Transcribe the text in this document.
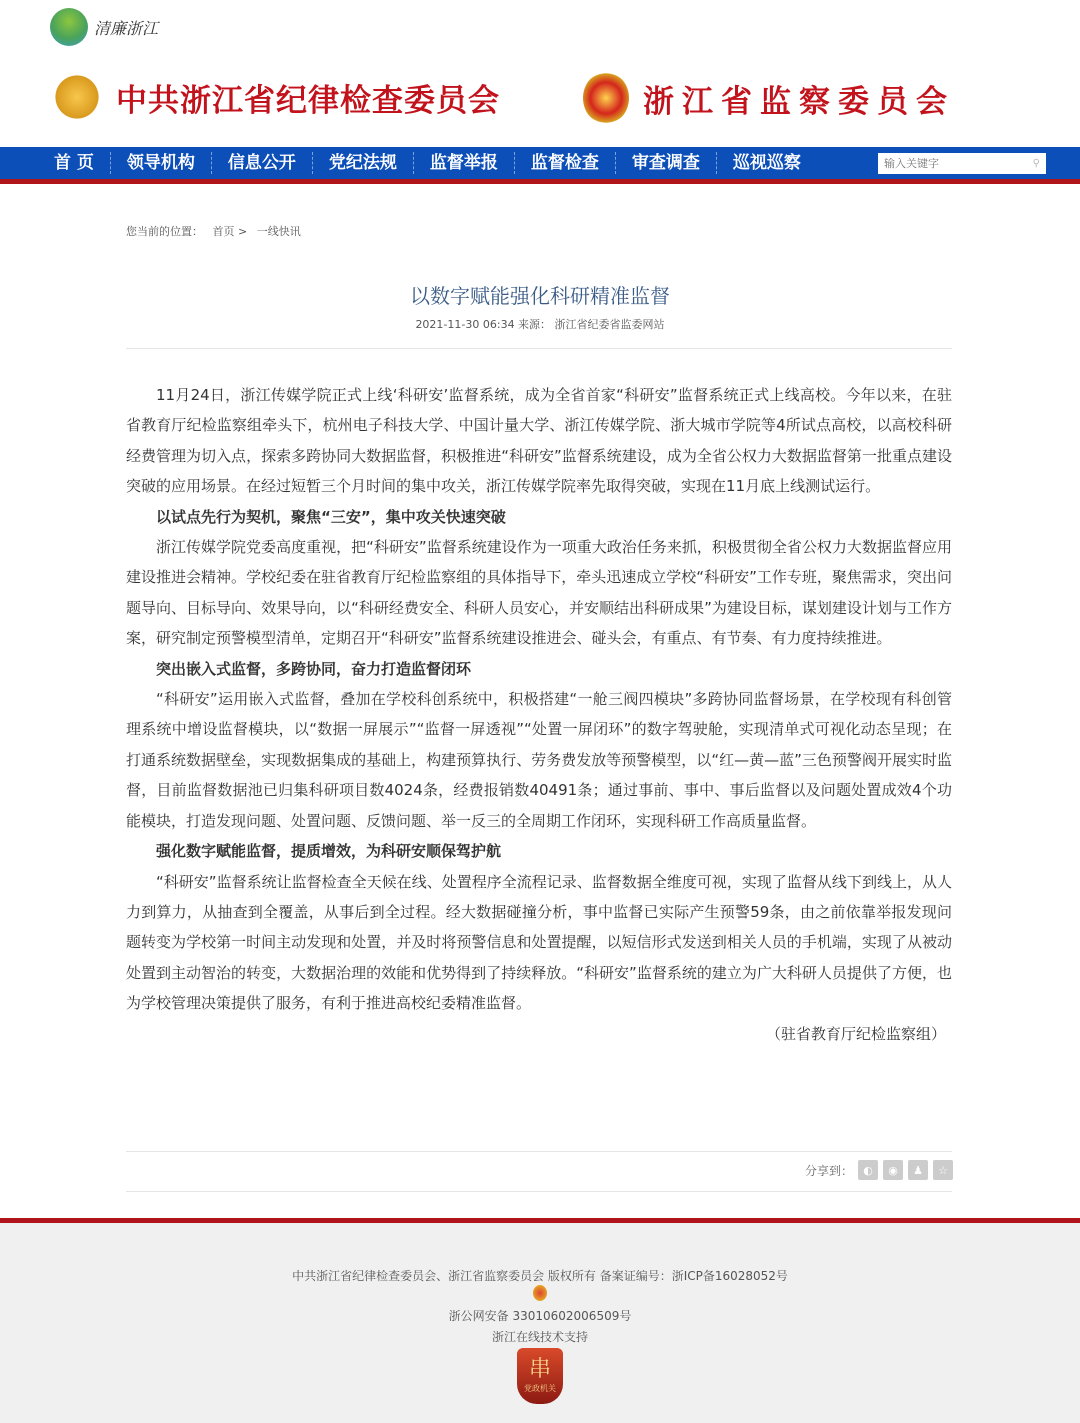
清廉浙江
中共浙江省纪律检查委员会	浙江省监察委员会
首 页	领导机构	信息公开	党纪法规	监督举报	监督检查	审查调查	巡视巡察
输入关键字	⚲
您当前的位置： 首页 > 一线快讯
以数字赋能强化科研精准监督
2021-11-30 06:34 来源： 浙江省纪委省监委网站

11月24日，浙江传媒学院正式上线‘科研安’监督系统，成为全省首家“科研安”监督系统正式上线高校。今年以来，在驻省教育厅纪检监察组牵头下，杭州电子科技大学、中国计量大学、浙江传媒学院、浙大城市学院等4所试点高校，以高校科研经费管理为切入点，探索多跨协同大数据监督，积极推进“科研安”监督系统建设，成为全省公权力大数据监督第一批重点建设突破的应用场景。在经过短暂三个月时间的集中攻关，浙江传媒学院率先取得突破，实现在11月底上线测试运行。

以试点先行为契机，聚焦“三安”，集中攻关快速突破

浙江传媒学院党委高度重视，把“科研安”监督系统建设作为一项重大政治任务来抓，积极贯彻全省公权力大数据监督应用建设推进会精神。学校纪委在驻省教育厅纪检监察组的具体指导下，牵头迅速成立学校“科研安”工作专班，聚焦需求，突出问题导向、目标导向、效果导向，以“科研经费安全、科研人员安心，并安顺结出科研成果”为建设目标，谋划建设计划与工作方案，研究制定预警模型清单，定期召开“科研安”监督系统建设推进会、碰头会，有重点、有节奏、有力度持续推进。

突出嵌入式监督，多跨协同，奋力打造监督闭环

“科研安”运用嵌入式监督，叠加在学校科创系统中，积极搭建“一舱三阀四模块”多跨协同监督场景，在学校现有科创管理系统中增设监督模块，以“数据一屏展示”“监督一屏透视”“处置一屏闭环”的数字驾驶舱，实现清单式可视化动态呈现；在打通系统数据壁垒，实现数据集成的基础上，构建预算执行、劳务费发放等预警模型，以“红—黄—蓝”三色预警阀开展实时监督，目前监督数据池已归集科研项目数4024条，经费报销数40491条；通过事前、事中、事后监督以及问题处置成效4个功能模块，打造发现问题、处置问题、反馈问题、举一反三的全周期工作闭环，实现科研工作高质量监督。

强化数字赋能监督，提质增效，为科研安顺保驾护航

“科研安”监督系统让监督检查全天候在线、处置程序全流程记录、监督数据全维度可视，实现了监督从线下到线上，从人力到算力，从抽查到全覆盖，从事后到全过程。经大数据碰撞分析，事中监督已实际产生预警59条，由之前依靠举报发现问题转变为学校第一时间主动发现和处置，并及时将预警信息和处置提醒，以短信形式发送到相关人员的手机端，实现了从被动处置到主动智治的转变，大数据治理的效能和优势得到了持续释放。“科研安”监督系统的建立为广大科研人员提供了方便，也为学校管理决策提供了服务，有利于推进高校纪委精准监督。

（驻省教育厅纪检监察组）

分享到： ◐	◉	♟	☆
中共浙江省纪律检查委员会、浙江省监察委员会 版权所有 备案证编号：浙ICP备16028052号
浙公网安备 33010602006509号
浙江在线技术支持
串
党政机关
